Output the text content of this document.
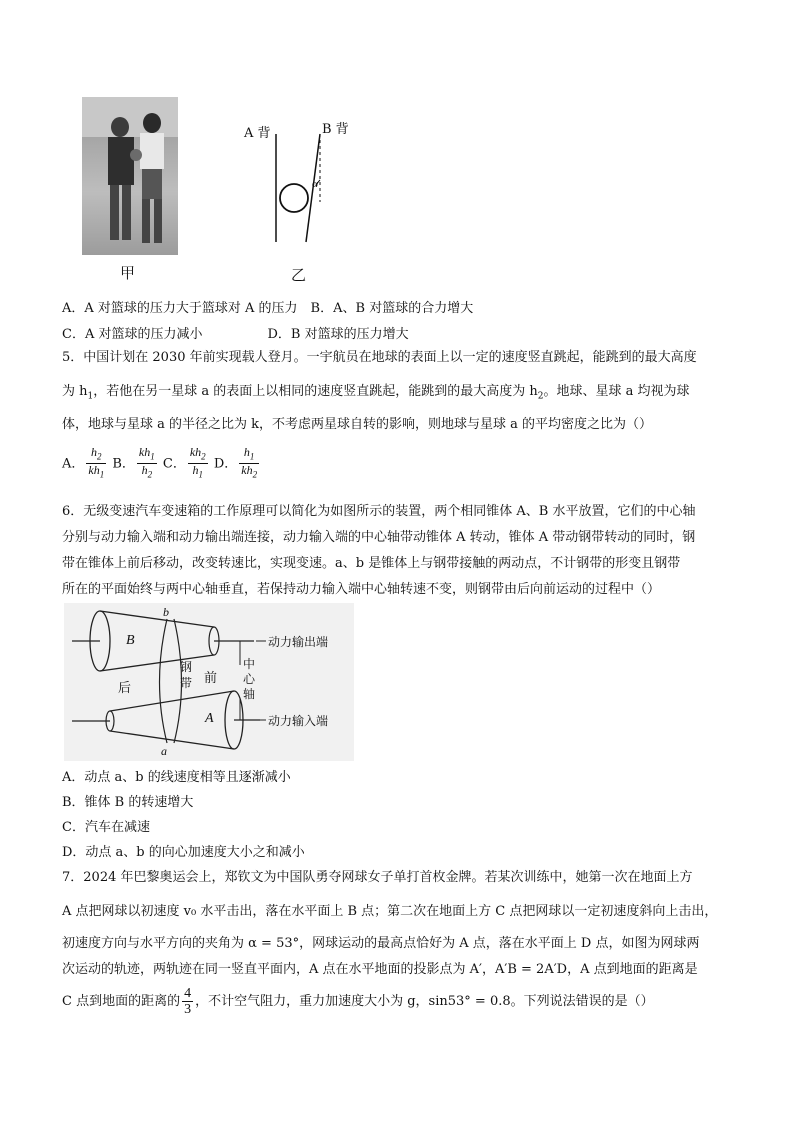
甲
A 背	B 背
α
乙
A．A 对篮球的压力大于篮球对 A 的压力　B．A、B 对篮球的合力增大
C．A 对篮球的压力减小　　　　　D．B 对篮球的压力增大
5．中国计划在 2030 年前实现载人登月。一宇航员在地球的表面上以一定的速度竖直跳起，能跳到的最大高度
为 $h_1$，若他在另一星球 a 的表面上以相同的速度竖直跳起，能跳到的最大高度为 $h_2$。地球、星球 a 均视为球
体，地球与星球 a 的半径之比为 k，不考虑两星球自转的影响，则地球与星球 a 的平均密度之比为（）
A． $\frac{h_2}{kh_1}$ B． $\frac{kh_1}{h_2}$ C． $\frac{kh_2}{h_1}$ D． $\frac{h_1}{kh_2}$
6．无级变速汽车变速箱的工作原理可以简化为如图所示的装置，两个相同锥体 A、B 水平放置，它们的中心轴
分别与动力输入端和动力输出端连接，动力输入端的中心轴带动锥体 A 转动，锥体 A 带动钢带转动的同时，钢
带在锥体上前后移动，改变转速比，实现变速。a、b 是锥体上与钢带接触的两动点，不计钢带的形变且钢带
所在的平面始终与两中心轴垂直，若保持动力输入端中心轴转速不变，则钢带由后向前运动的过程中（）
B
A
b
a
后
前
钢
带
中
心
轴
动力输出端
动力输入端
A．动点 a、b 的线速度相等且逐渐减小
B．锥体 B 的转速增大
C．汽车在减速
D．动点 a、b 的向心加速度大小之和减小
7．2024 年巴黎奥运会上，郑钦文为中国队勇夺网球女子单打首枚金牌。若某次训练中，她第一次在地面上方
A 点把网球以初速度 v₀ 水平击出，落在水平面上 B 点；第二次在地面上方 C 点把网球以一定初速度斜向上击出，
初速度方向与水平方向的夹角为 α = 53°，网球运动的最高点恰好为 A 点，落在水平面上 D 点，如图为网球两
次运动的轨迹，两轨迹在同一竖直平面内，A 点在水平地面的投影点为 A′，A′B = 2A′D，A 点到地面的距离是
C 点到地面的距离的 $\frac{4}{3}$ ，不计空气阻力，重力加速度大小为 g，sin53° = 0.8。下列说法错误的是（）
